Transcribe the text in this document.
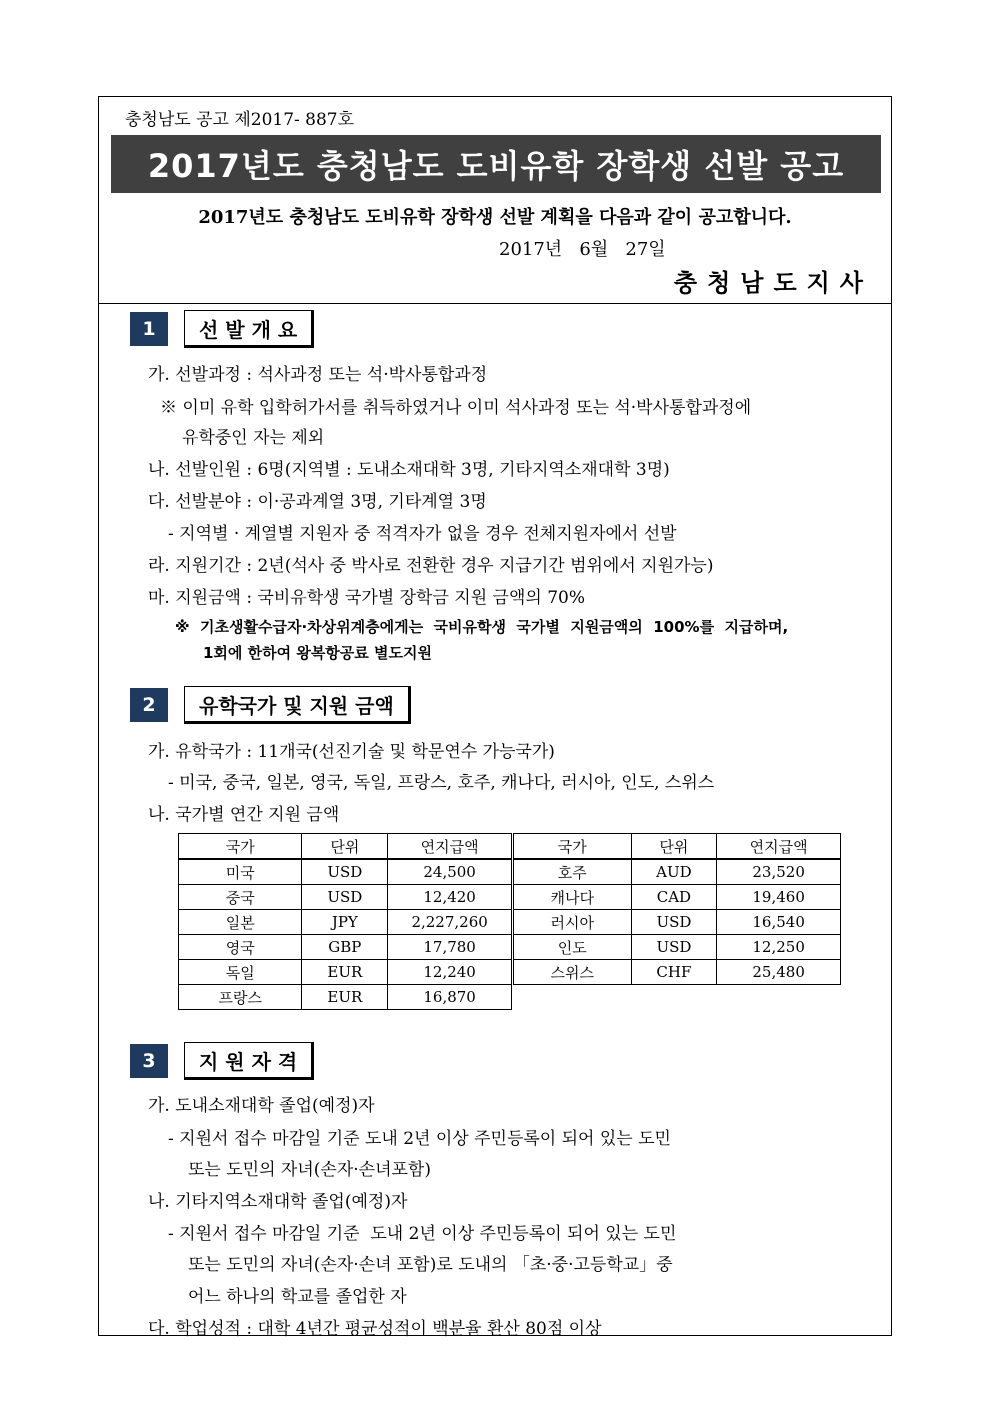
충청남도 공고 제2017- 887호
2017년도 충청남도 도비유학 장학생 선발 공고
2017년도 충청남도 도비유학 장학생 선발 계획을 다음과 같이 공고합니다.
2017년   6월   27일
충청남도지사
1	선 발 개 요
가. 선발과정 : 석사과정 또는 석·박사통합과정
※ 이미 유학 입학허가서를 취득하였거나 이미 석사과정 또는 석·박사통합과정에
유학중인 자는 제외
나. 선발인원 : 6명(지역별 : 도내소재대학 3명, 기타지역소재대학 3명)
다. 선발분야 : 이·공과계열 3명, 기타계열 3명
- 지역별 · 계열별 지원자 중 적격자가 없을 경우 전체지원자에서 선발
라. 지원기간 : 2년(석사 중 박사로 전환한 경우 지급기간 범위에서 지원가능)
마. 지원금액 : 국비유학생 국가별 장학금 지원 금액의 70%
※  기초생활수급자·차상위계층에게는  국비유학생  국가별  지원금액의  100%를  지급하며,
1회에 한하여 왕복항공료 별도지원
2	유학국가 및 지원 금액
가. 유학국가 : 11개국(선진기술 및 학문연수 가능국가)
- 미국, 중국, 일본, 영국, 독일, 프랑스, 호주, 캐나다, 러시아, 인도, 스위스
나. 국가별 연간 지원 금액
국가	단위	연지급액
미국	USD	24,500
중국	USD	12,420
일본	JPY	2,227,260
영국	GBP	17,780
독일	EUR	12,240
프랑스	EUR	16,870
국가	단위	연지급액
호주	AUD	23,520
캐나다	CAD	19,460
러시아	USD	16,540
인도	USD	12,250
스위스	CHF	25,480
3	지 원 자 격
가. 도내소재대학 졸업(예정)자
- 지원서 접수 마감일 기준 도내 2년 이상 주민등록이 되어 있는 도민
또는 도민의 자녀(손자·손녀포함)
나. 기타지역소재대학 졸업(예정)자
- 지원서 접수 마감일 기준  도내 2년 이상 주민등록이 되어 있는 도민
또는 도민의 자녀(손자·손녀 포함)로 도내의 「초·중·고등학교」중
어느 하나의 학교를 졸업한 자
다. 학업성적 : 대학 4년간 평균성적이 백분율 환산 80점 이상
